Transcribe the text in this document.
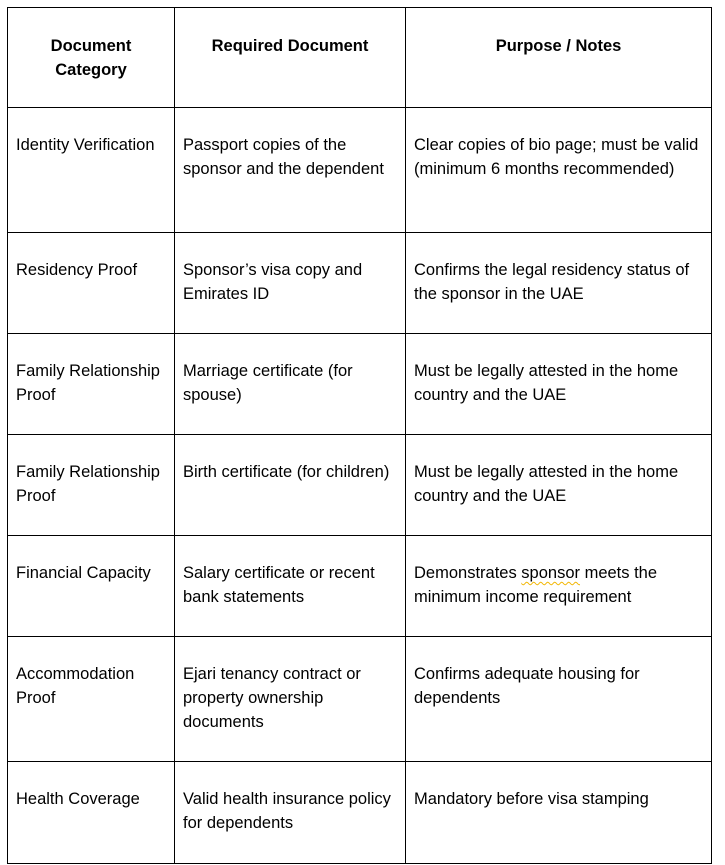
Document Category	Required Document	Purpose / Notes

Identity Verification	Passport copies of the sponsor and the dependent	Clear copies of bio page; must be valid (minimum 6 months recommended)

Residency Proof	Sponsor’s visa copy and Emirates ID	Confirms the legal residency status of the sponsor in the UAE

Family Relationship Proof	Marriage certificate (for spouse)	Must be legally attested in the home country and the UAE

Family Relationship Proof	Birth certificate (for children)	Must be legally attested in the home country and the UAE

Financial Capacity	Salary certificate or recent bank statements	Demonstrates sponsor meets the minimum income requirement

Accommodation Proof	Ejari tenancy contract or property ownership documents	Confirms adequate housing for dependents

Health Coverage	Valid health insurance policy for dependents	Mandatory before visa stamping
